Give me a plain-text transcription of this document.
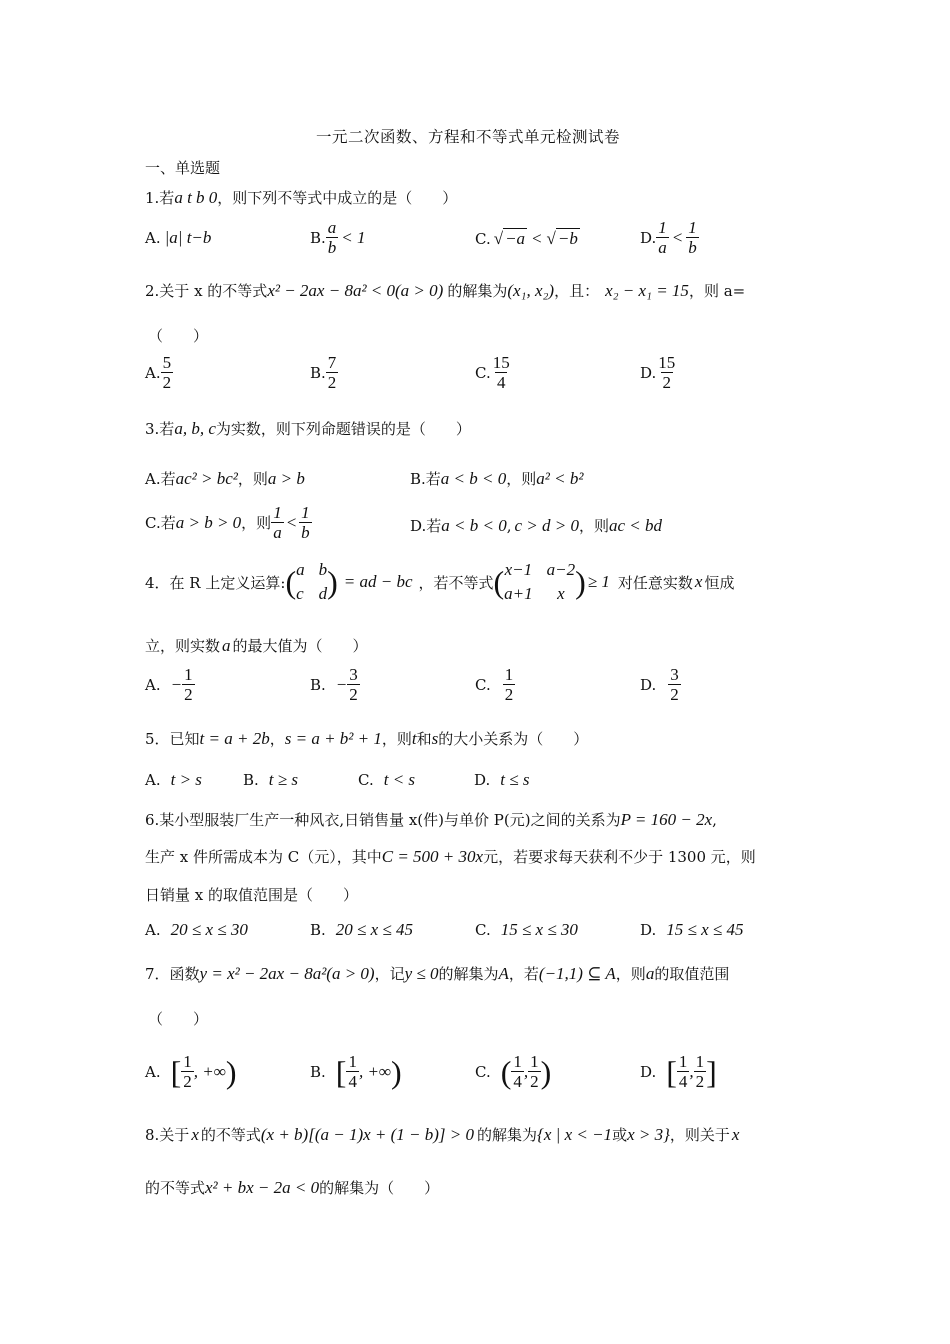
一元二次函数、方程和不等式单元检测试卷
一、单选题
1.若 a t b 0 ，则下列不等式中成立的是（　　）
A. |a| t−b	B. $\frac{a}{b} < 1$	C. √ −a < √ −b	D. $\frac{1}{a} < \frac{1}{b}$
2.关于 x 的不等式 x² − 2ax − 8a² < 0(a > 0) 的解集为 (x₁, x₂) ，且： x₂ − x₁ = 15 ，则 a=
（　　）
A. $\frac{5}{2}$	B. $\frac{7}{2}$	C. $\frac{15}{4}$	D. $\frac{15}{2}$
3.若 a, b, c 为实数，则下列命题错误的是（　　）
A.若 ac² > bc² ，则 a > b	B.若 a < b < 0 ，则 a² < b²
C.若 a > b > 0 ，则 $\frac{1}{a} < \frac{1}{b}$	D.若 a < b < 0 , c > d > 0 ，则 ac < bd
4．在 R 上定义运算: ( a b
c d ) = ad − bc ，若不等式 ( x−1 a−2
a+1	x ) ≥ 1 对任意实数 x 恒成
立，则实数 a 的最大值为（　　）
A. − $\frac{1}{2}$	B. − $\frac{3}{2}$	C. $\frac{1}{2}$	D. $\frac{3}{2}$
5．已知 t = a + 2b ， s = a + b² + 1 ，则 t 和 s 的大小关系为（　　）
A. t > s	B. t ≥ s	C. t < s	D. t ≤ s
6.某小型服装厂生产一种风衣,日销售量 x(件)与单价 P(元)之间的关系为 P = 160 − 2x ,
生产 x 件所需成本为 C（元），其中 C = 500 + 30x 元，若要求每天获利不少于 1300 元，则
日销量 x 的取值范围是（　　）
A. 20 ≤ x ≤ 30	B. 20 ≤ x ≤ 45	C. 15 ≤ x ≤ 30	D. 15 ≤ x ≤ 45
7．函数 y = x² − 2ax − 8a²(a > 0) ，记 y ≤ 0 的解集为 A ，若 (−1,1) ⊆ A ，则 a 的取值范围
（　　）
A. [ $\frac{1}{2}$ , +∞ )	B. [ $\frac{1}{4}$ , +∞ )	C. ( $\frac{1}{4}$ , $\frac{1}{2}$ )	D. [ $\frac{1}{4}$ , $\frac{1}{2}$ ]
8.关于 x 的不等式 (x + b)[(a − 1)x + (1 − b)] > 0 的解集为 {x | x < −1 或 x > 3} ，则关于 x
的不等式 x² + bx − 2a < 0 的解集为（　　）
